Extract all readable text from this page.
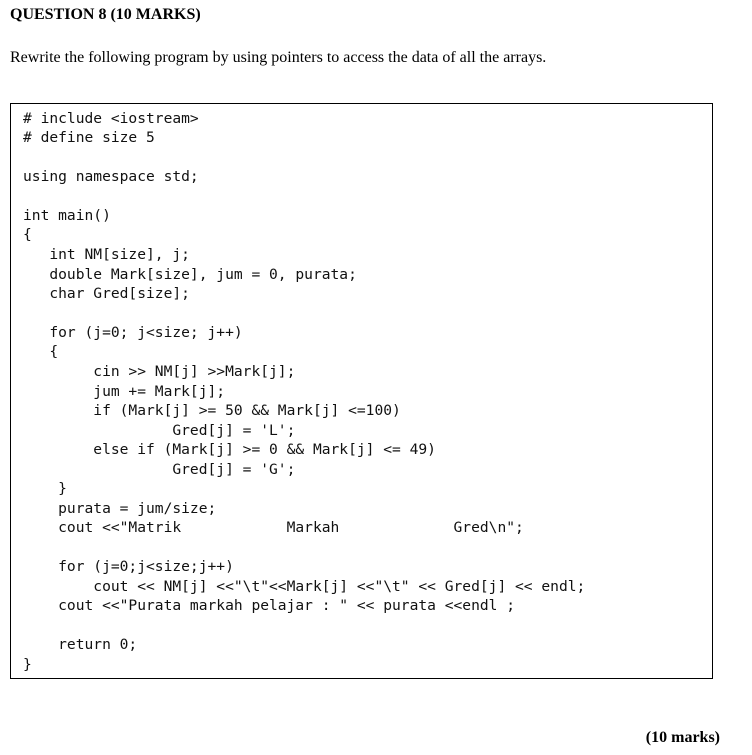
QUESTION 8 (10 MARKS)
Rewrite the following program by using pointers to access the data of all the arrays.
# include <iostream>
# define size 5
using namespace std;
int main()
{
int NM[size], j;
double Mark[size], jum = 0, purata;
char Gred[size];
for (j=0; j<size; j++)
{
cin >> NM[j] >>Mark[j];
jum += Mark[j];
if (Mark[j] >= 50 && Mark[j] <=100)
Gred[j] = 'L';
else if (Mark[j] >= 0 && Mark[j] <= 49)
Gred[j] = 'G';
}
purata = jum/size;
cout <<"Matrik            Markah             Gred\n";
for (j=0;j<size;j++)
cout << NM[j] <<"\t"<<Mark[j] <<"\t" << Gred[j] << endl;
cout <<"Purata markah pelajar : " << purata <<endl ;
return 0;
}
(10 marks)
